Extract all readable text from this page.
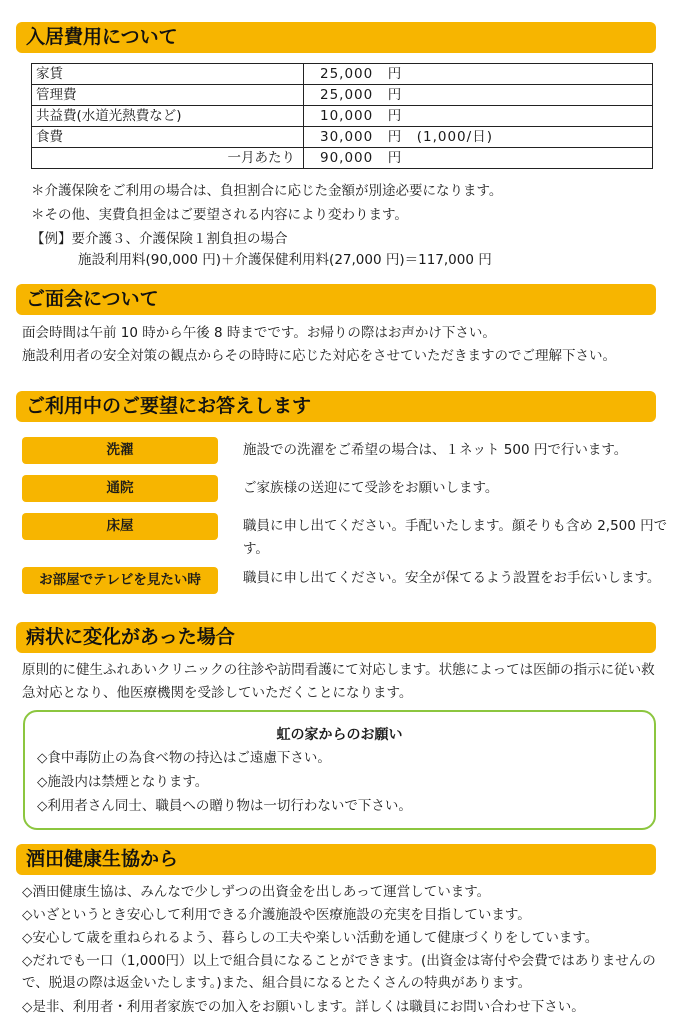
入居費用について
家賃	25,000　円
管理費	25,000　円
共益費(水道光熱費など)	10,000　円
食費	30,000　円　(1,000/日)
一月あたり	90,000　円
＊介護保険をご利用の場合は、負担割合に応じた金額が別途必要になります。
＊その他、実費負担金はご要望される内容により変わります。
【例】要介護３、介護保険１割負担の場合
施設利用料(90,000 円)＋介護保健利用料(27,000 円)＝117,000 円
ご面会について
面会時間は午前 10 時から午後 8 時までです。お帰りの際はお声かけ下さい。
施設利用者の安全対策の観点からその時時に応じた対応をさせていただきますのでご理解下さい。
ご利用中のご要望にお答えします
洗濯	施設での洗濯をご希望の場合は、１ネット 500 円で行います。
通院	ご家族様の送迎にて受診をお願いします。
床屋	職員に申し出てください。手配いたします。顔そりも含め 2,500 円です。
お部屋でテレビを見たい時	職員に申し出てください。安全が保てるよう設置をお手伝いします。
病状に変化があった場合
原則的に健生ふれあいクリニックの往診や訪問看護にて対応します。状態によっては医師の指示に従い救急対応となり、他医療機関を受診していただくことになります。
虹の家からのお願い
◇食中毒防止の為食べ物の持込はご遠慮下さい。
◇施設内は禁煙となります。
◇利用者さん同士、職員への贈り物は一切行わないで下さい。
酒田健康生協から
◇酒田健康生協は、みんなで少しずつの出資金を出しあって運営しています。
◇いざというとき安心して利用できる介護施設や医療施設の充実を目指しています。
◇安心して歳を重ねられるよう、暮らしの工夫や楽しい活動を通して健康づくりをしています。
◇だれでも一口（1,000円）以上で組合員になることができます。(出資金は寄付や会費ではありませんので、脱退の際は返金いたします。)また、組合員になるとたくさんの特典があります。
◇是非、利用者・利用者家族での加入をお願いします。詳しくは職員にお問い合わせ下さい。
